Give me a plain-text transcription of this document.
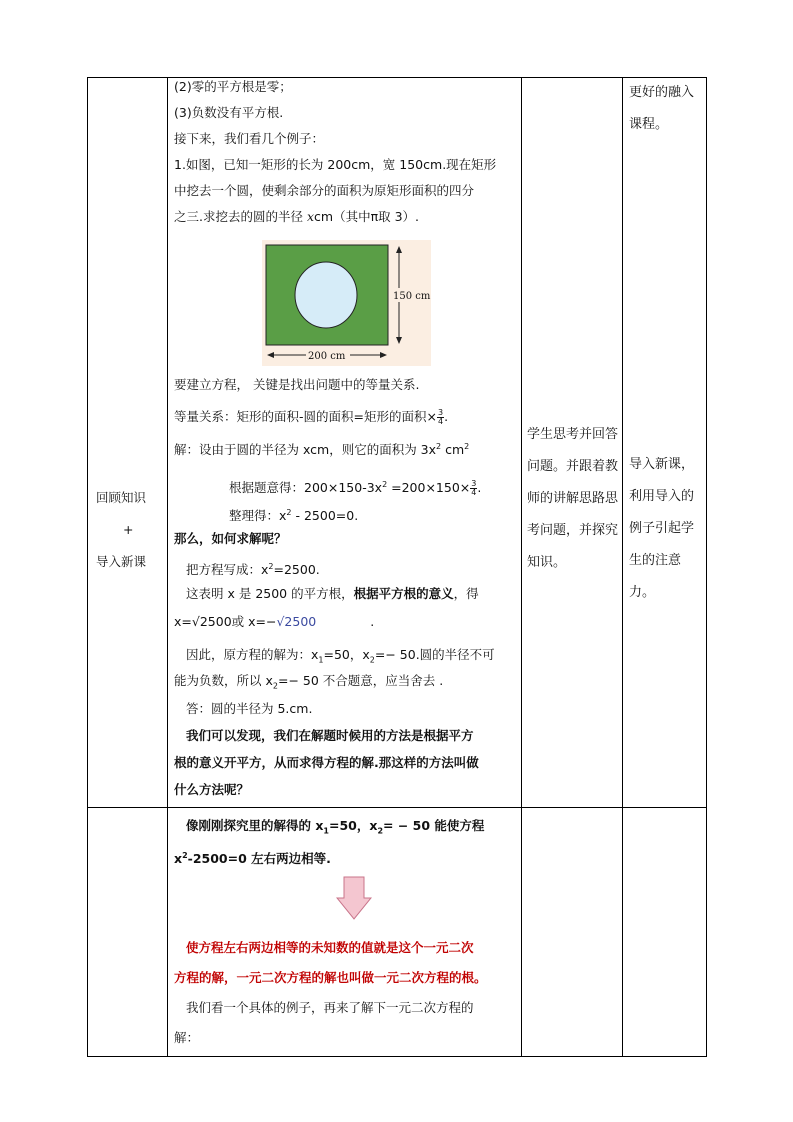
回顾知识
+
导入新课
(2)零的平方根是零；
(3)负数没有平方根.
接下来，我们看几个例子：
1.如图，已知一矩形的长为 200cm，宽 150cm.现在矩形
中挖去一个圆，使剩余部分的面积为原矩形面积的四分
之三.求挖去的圆的半径 xcm（其中π取 3）.
150 cm
200 cm
要建立方程， 关键是找出问题中的等量关系.
等量关系：矩形的面积-圆的面积=矩形的面积× $\frac{3}{4}$ .
解：设由于圆的半径为 xcm，则它的面积为 $3x^2$ $cm^2$
根据题意得：$200\times 150-3x^2 =200\times 150\times \frac{3}{4}$ .
整理得：$x^2 - 2500=0$.
那么，如何求解呢？
把方程写成：$x^2=2500$.
这表明 x 是 2500 的平方根，根据平方根的意义，得
x=√2500或 x=−√2500	.
因此，原方程的解为：$x_1=50$，$x_2=- 50$.圆的半径不可
能为负数，所以 $x_2=- 50$ 不合题意，应当舍去 .
答：圆的半径为 5.cm.
我们可以发现，我们在解题时候用的方法是根据平方
根的意义开平方，从而求得方程的解.那这样的方法叫做
什么方法呢？
像刚刚探究里的解得的 $x_1=50$，$x_2= - 50$ 能使方程
$x^2-2500=0$ 左右两边相等.
使方程左右两边相等的未知数的值就是这个一元二次
方程的解，一元二次方程的解也叫做一元二次方程的根。
我们看一个具体的例子，再来了解下一元二次方程的
解：
学生思考并回答问题。并跟着教师的讲解思路思考问题，并探究知识。
更好的融入课程。
导入新课，利用导入的例子引起学生的注意力。
